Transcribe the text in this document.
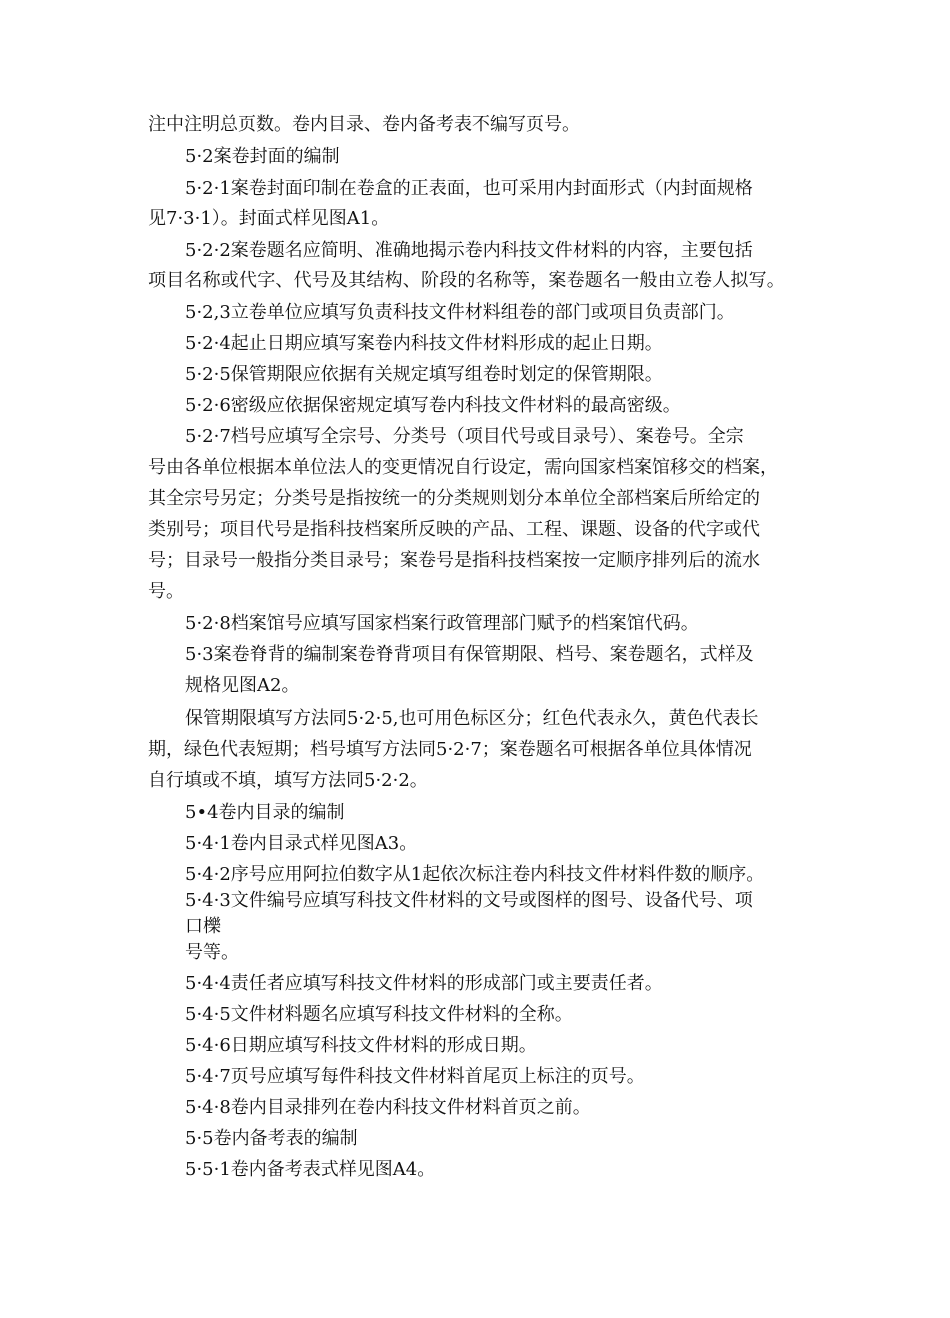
注中注明总页数。卷内目录、卷内备考表不编写页号。
5·2案卷封面的编制
5·2·1案卷封面印制在卷盒的正表面，也可采用内封面形式（内封面规格
见7·3·1）。封面式样见图A1。
5·2·2案卷题名应简明、准确地揭示卷内科技文件材料的内容，主要包括
项目名称或代字、代号及其结构、阶段的名称等，案卷题名一般由立卷人拟写。
5·2,3立卷单位应填写负责科技文件材料组卷的部门或项目负责部门。
5·2·4起止日期应填写案卷内科技文件材料形成的起止日期。
5·2·5保管期限应依据有关规定填写组卷时划定的保管期限。
5·2·6密级应依据保密规定填写卷内科技文件材料的最高密级。
5·2·7档号应填写全宗号、分类号（项目代号或目录号）、案卷号。全宗
号由各单位根据本单位法人的变更情况自行设定，需向国家档案馆移交的档案，
其全宗号另定；分类号是指按统一的分类规则划分本单位全部档案后所给定的
类别号；项目代号是指科技档案所反映的产品、工程、课题、设备的代字或代
号；目录号一般指分类目录号；案卷号是指科技档案按一定顺序排列后的流水
号。
5·2·8档案馆号应填写国家档案行政管理部门赋予的档案馆代码。
5·3案卷脊背的编制案卷脊背项目有保管期限、档号、案卷题名，式样及
规格见图A2。
保管期限填写方法同5·2·5,也可用色标区分；红色代表永久，黄色代表长
期，绿色代表短期；档号填写方法同5·2·7；案卷题名可根据各单位具体情况
自行填或不填，填写方法同5·2·2。
5•4卷内目录的编制
5·4·1卷内目录式样见图A3。
5·4·2序号应用阿拉伯数字从1起依次标注卷内科技文件材料件数的顺序。
5·4·3文件编号应填写科技文件材料的文号或图样的图号、设备代号、项
口櫟
号等。
5·4·4责任者应填写科技文件材料的形成部门或主要责任者。
5·4·5文件材料题名应填写科技文件材料的全称。
5·4·6日期应填写科技文件材料的形成日期。
5·4·7页号应填写每件科技文件材料首尾页上标注的页号。
5·4·8卷内目录排列在卷内科技文件材料首页之前。
5·5卷内备考表的编制
5·5·1卷内备考表式样见图A4。
